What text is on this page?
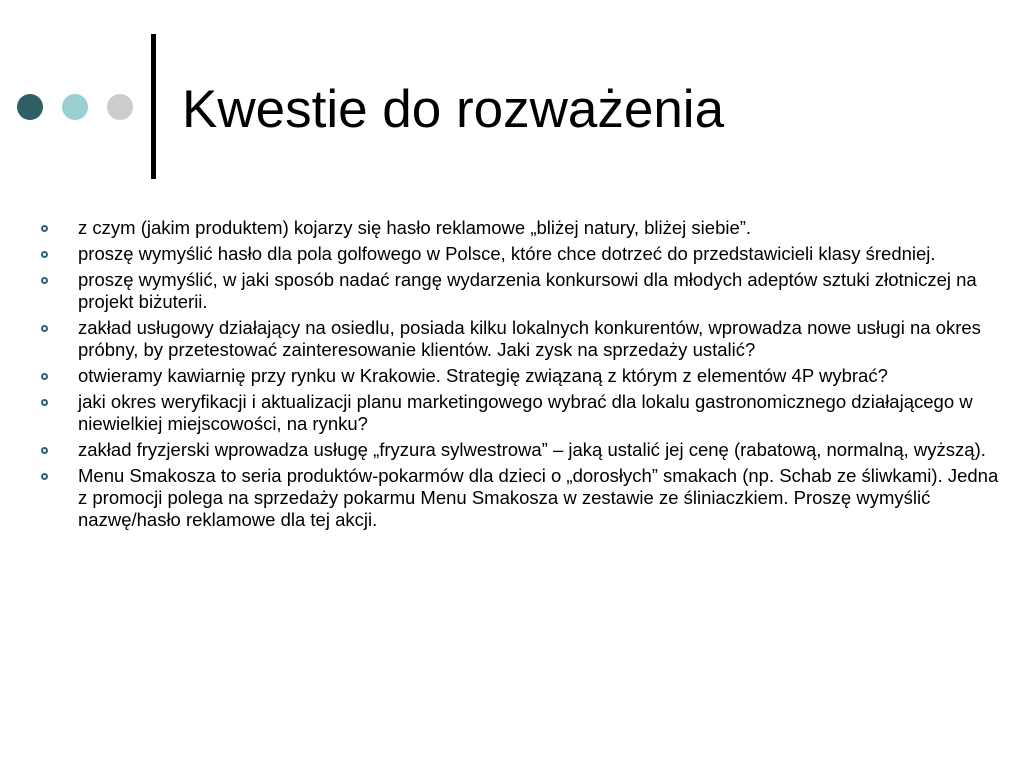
Kwestie do rozważenia
z czym (jakim produktem) kojarzy się hasło reklamowe „bliżej natury, bliżej siebie”.
proszę wymyślić hasło dla pola golfowego w Polsce, które chce dotrzeć do przedstawicieli klasy średniej.
proszę wymyślić, w jaki sposób nadać rangę wydarzenia konkursowi dla młodych adeptów sztuki złotniczej na projekt biżuterii.
zakład usługowy działający na osiedlu, posiada kilku lokalnych konkurentów, wprowadza nowe usługi na okres próbny, by przetestować zainteresowanie klientów. Jaki zysk na sprzedaży ustalić?
otwieramy kawiarnię przy rynku w Krakowie. Strategię związaną z którym z elementów 4P wybrać?
jaki okres weryfikacji i aktualizacji planu marketingowego wybrać dla lokalu gastronomicznego działającego w niewielkiej miejscowości, na rynku?
zakład fryzjerski wprowadza usługę „fryzura sylwestrowa” – jaką ustalić jej cenę (rabatową, normalną, wyższą).
Menu Smakosza to seria produktów-pokarmów dla dzieci o „dorosłych” smakach (np. Schab ze śliwkami). Jedna z promocji polega na sprzedaży pokarmu Menu Smakosza w zestawie ze śliniaczkiem. Proszę wymyślić nazwę/hasło reklamowe dla tej akcji.
